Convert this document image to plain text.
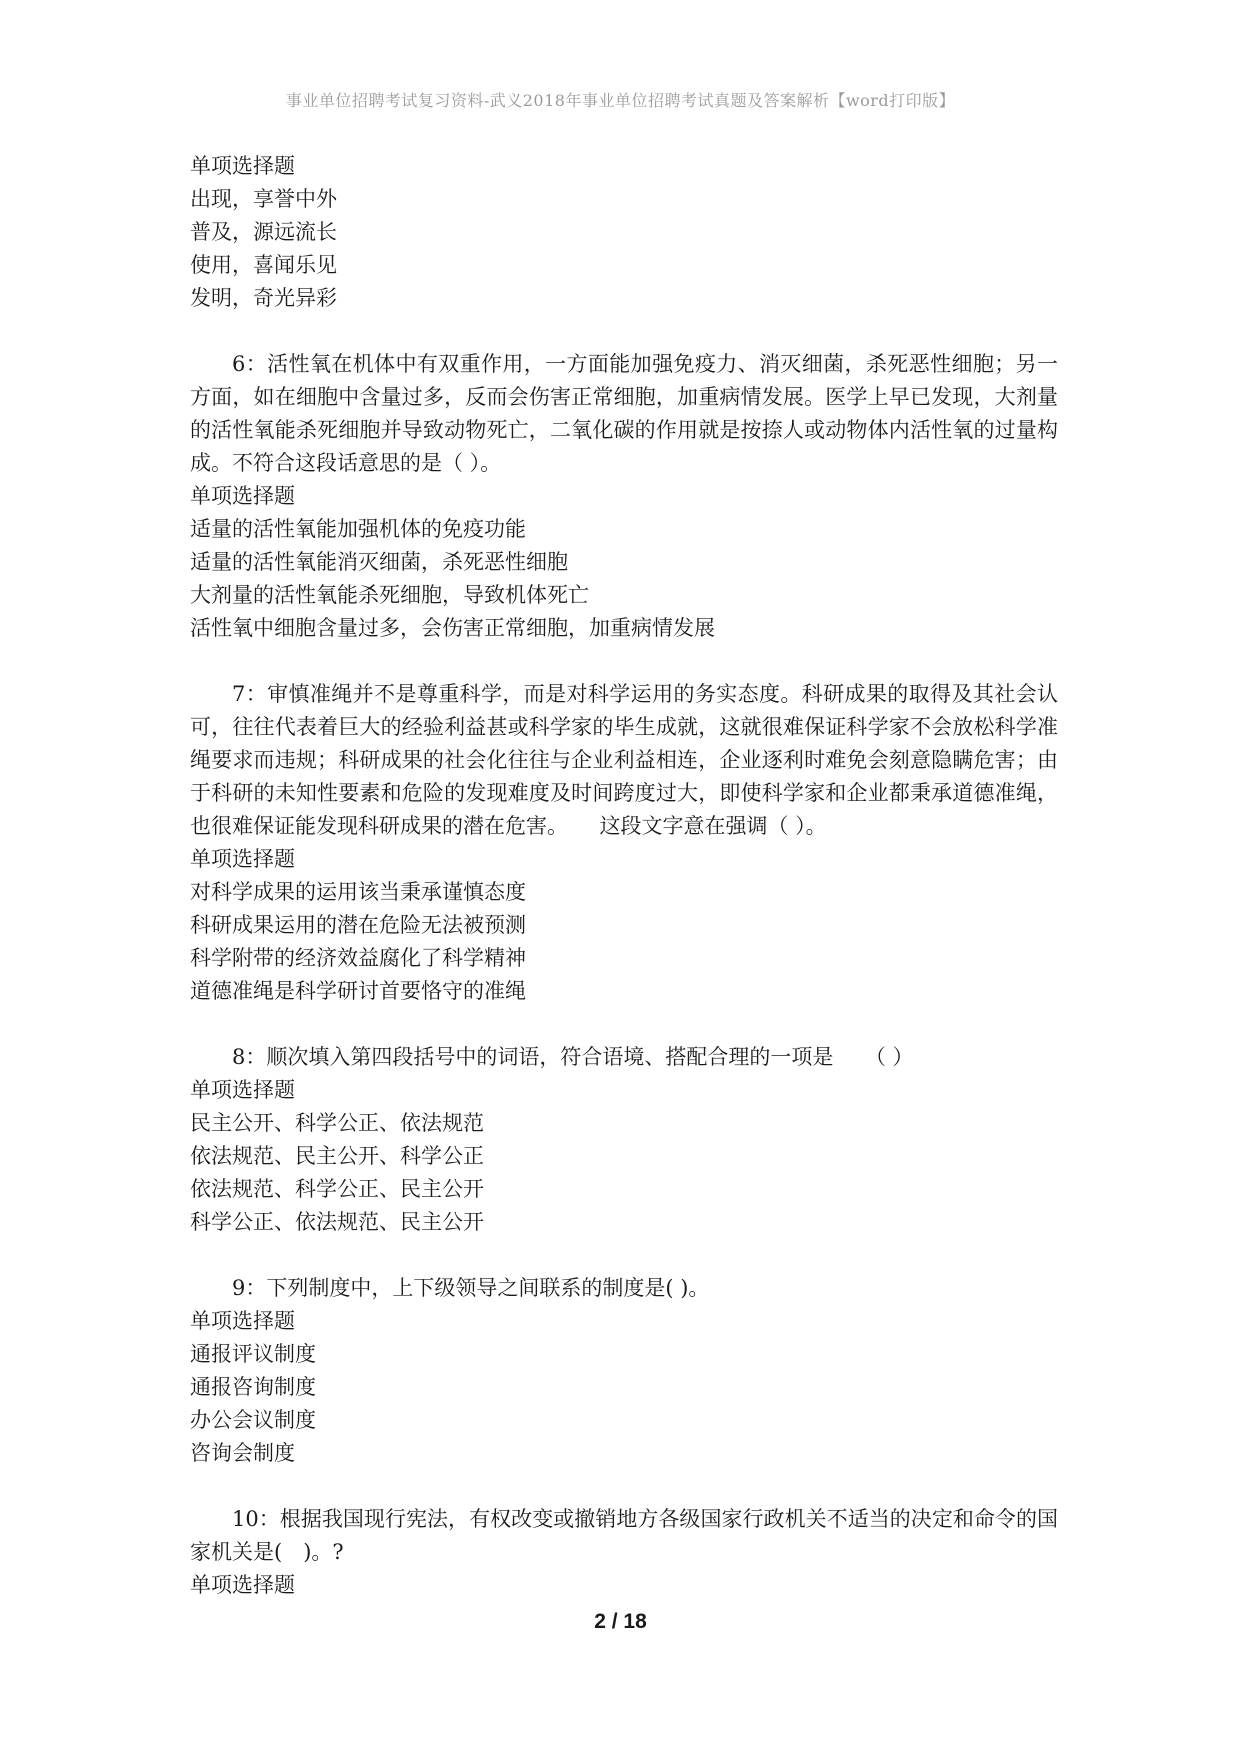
事业单位招聘考试复习资料-武义2018年事业单位招聘考试真题及答案解析【word打印版】
单项选择题
出现，享誉中外
普及，源远流长
使用，喜闻乐见
发明，奇光异彩
6：活性氧在机体中有双重作用，一方面能加强免疫力、消灭细菌，杀死恶性细胞；另一方面，如在细胞中含量过多，反而会伤害正常细胞，加重病情发展。医学上早已发现，大剂量的活性氧能杀死细胞并导致动物死亡，二氧化碳的作用就是按捺人或动物体内活性氧的过量构成。不符合这段话意思的是（ ）。
单项选择题
适量的活性氧能加强机体的免疫功能
适量的活性氧能消灭细菌，杀死恶性细胞
大剂量的活性氧能杀死细胞，导致机体死亡
活性氧中细胞含量过多，会伤害正常细胞，加重病情发展
7：审慎准绳并不是尊重科学，而是对科学运用的务实态度。科研成果的取得及其社会认可，往往代表着巨大的经验利益甚或科学家的毕生成就，这就很难保证科学家不会放松科学准绳要求而违规；科研成果的社会化往往与企业利益相连，企业逐利时难免会刻意隐瞒危害；由于科研的未知性要素和危险的发现难度及时间跨度过大，即使科学家和企业都秉承道德准绳，也很难保证能发现科研成果的潜在危害。　　这段文字意在强调（ ）。
单项选择题
对科学成果的运用该当秉承谨慎态度
科研成果运用的潜在危险无法被预测
科学附带的经济效益腐化了科学精神
道德准绳是科学研讨首要恪守的准绳
8：顺次填入第四段括号中的词语，符合语境、搭配合理的一项是　　（ ）
单项选择题
民主公开、科学公正、依法规范
依法规范、民主公开、科学公正
依法规范、科学公正、民主公开
科学公正、依法规范、民主公开
9：下列制度中，上下级领导之间联系的制度是( )。
单项选择题
通报评议制度
通报咨询制度
办公会议制度
咨询会制度
10：根据我国现行宪法，有权改变或撤销地方各级国家行政机关不适当的决定和命令的国家机关是(　)。?
单项选择题
2 / 18
